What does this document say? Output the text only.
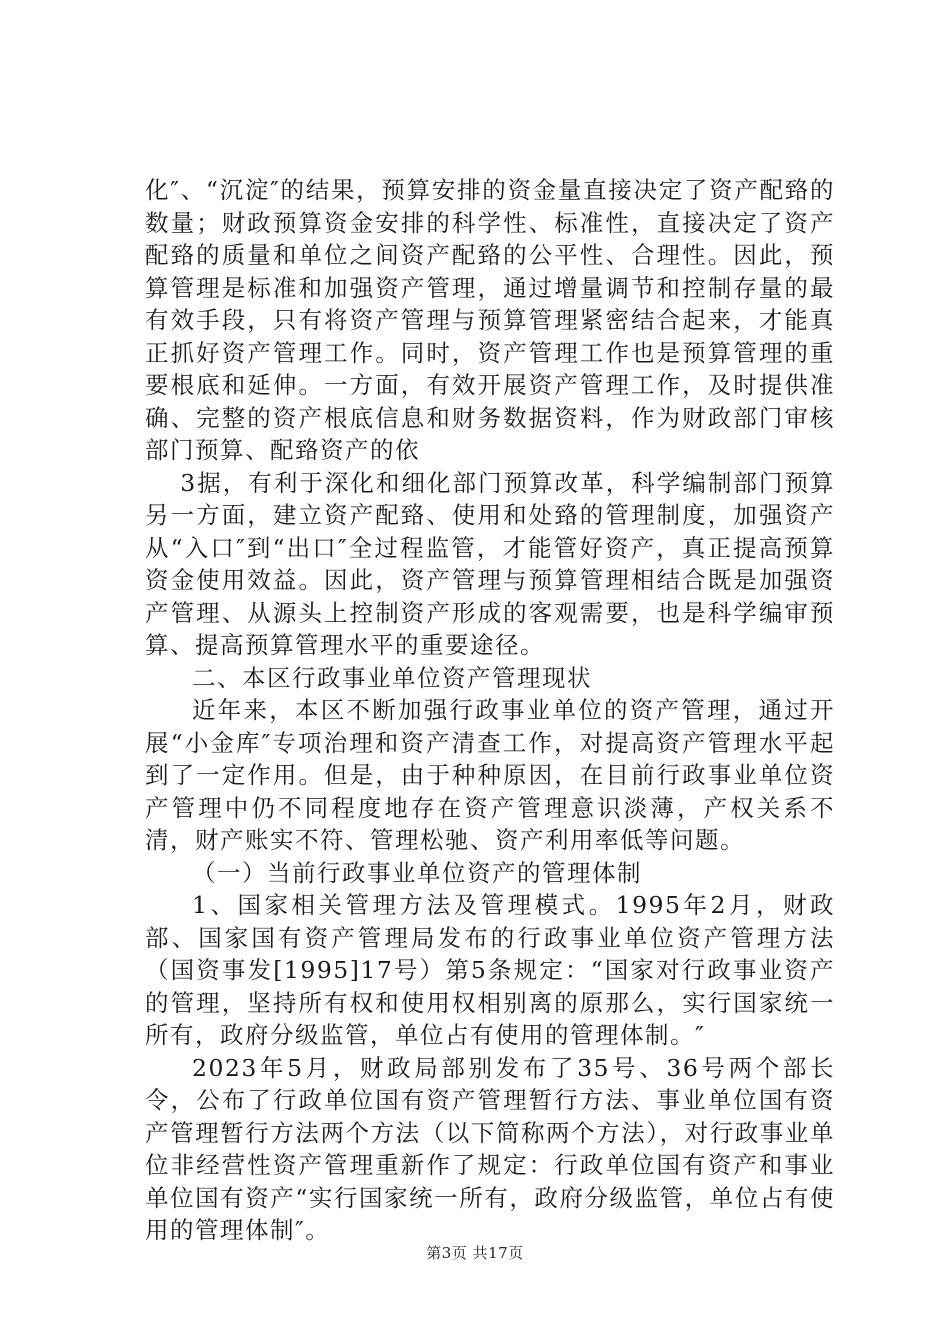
化″、“沉淀″的结果，预算安排的资金量直接决定了资产配臵的数量；财政预算资金安排的科学性、标准性，直接决定了资产配臵的质量和单位之间资产配臵的公平性、合理性。因此，预算管理是标准和加强资产管理，通过增量调节和控制存量的最有效手段，只有将资产管理与预算管理紧密结合起来，才能真正抓好资产管理工作。同时，资产管理工作也是预算管理的重要根底和延伸。一方面，有效开展资产管理工作，及时提供准确、完整的资产根底信息和财务数据资料，作为财政部门审核部门预算、配臵资产的依

3据，有利于深化和细化部门预算改革，科学编制部门预算另一方面，建立资产配臵、使用和处臵的管理制度，加强资产从“入口″到“出口″全过程监管，才能管好资产，真正提高预算资金使用效益。因此，资产管理与预算管理相结合既是加强资产管理、从源头上控制资产形成的客观需要，也是科学编审预算、提高预算管理水平的重要途径。

二、本区行政事业单位资产管理现状

近年来，本区不断加强行政事业单位的资产管理，通过开展“小金库″专项治理和资产清查工作，对提高资产管理水平起到了一定作用。但是，由于种种原因，在目前行政事业单位资产管理中仍不同程度地存在资产管理意识淡薄，产权关系不清，财产账实不符、管理松驰、资产利用率低等问题。

（一）当前行政事业单位资产的管理体制

1、国家相关管理方法及管理模式。1995年2月，财政部、国家国有资产管理局发布的行政事业单位资产管理方法（国资事发[1995]17号）第5条规定：“国家对行政事业资产的管理，坚持所有权和使用权相别离的原那么，实行国家统一所有，政府分级监管，单位占有使用的管理体制。″

2023年5月，财政局部别发布了35号、36号两个部长令，公布了行政单位国有资产管理暂行方法、事业单位国有资产管理暂行方法两个方法（以下简称两个方法），对行政事业单位非经营性资产管理重新作了规定：行政单位国有资产和事业单位国有资产“实行国家统一所有，政府分级监管，单位占有使用的管理体制″。

第3页 共17页
